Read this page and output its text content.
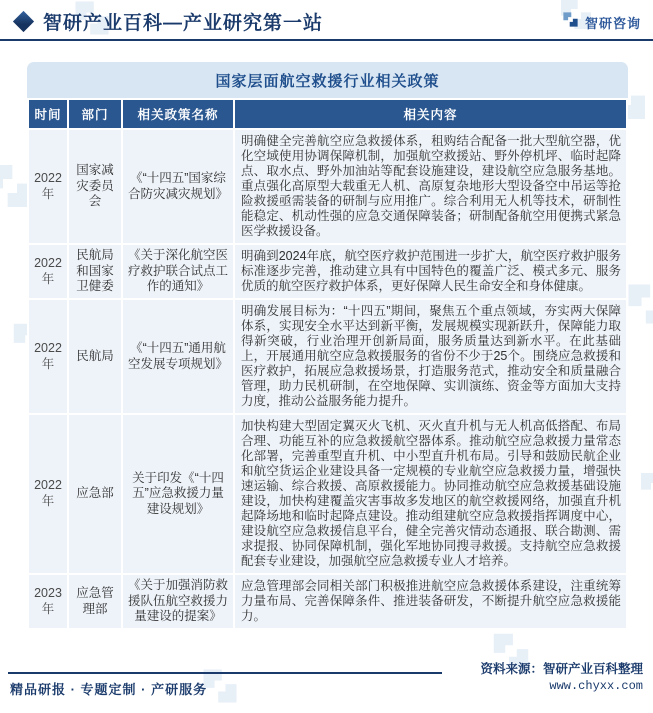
智研产业百科—产业研究第一站	智研咨询
国家层面航空救援行业相关政策
时间	部门	相关政策名称	相关内容
2022年	国家减灾委员会	《“十四五”国家综合防灾减灾规划》	明确健全完善航空应急救援体系，租购结合配备一批大型航空器，优化空域使用协调保障机制，加强航空救援站、野外停机坪、临时起降点、取水点、野外加油站等配套设施建设，建设航空应急服务基地。重点强化高原型大载重无人机、高原复杂地形大型设备空中吊运等抢险救援亟需装备的研制与应用推广。综合利用无人机等技术，研制性能稳定、机动性强的应急交通保障装备；研制配备航空用便携式紧急医学救援设备。
2022年	民航局和国家卫健委	《关于深化航空医疗救护联合试点工作的通知》	明确到2024年底，航空医疗救护范围进一步扩大，航空医疗救护服务标准逐步完善，推动建立具有中国特色的覆盖广泛、模式多元、服务优质的航空医疗救护体系，更好保障人民生命安全和身体健康。
2022年	民航局	《“十四五”通用航空发展专项规划》	明确发展目标为：“十四五”期间，聚焦五个重点领域，夯实两大保障体系，实现安全水平达到新平衡，发展规模实现新跃升，保障能力取得新突破，行业治理开创新局面，服务质量达到新水平。在此基础上，开展通用航空应急救援服务的省份不少于25个。围绕应急救援和医疗救护，拓展应急救援场景，打造服务范式，推动安全和质量融合管理，助力民机研制，在空地保障、实训演练、资金等方面加大支持力度，推动公益服务能力提升。
2022年	应急部	关于印发《“十四五”应急救援力量建设规划》	加快构建大型固定翼灭火飞机、灭火直升机与无人机高低搭配、布局合理、功能互补的应急救援航空器体系。推动航空应急救援力量常态化部署，完善重型直升机、中小型直升机布局。引导和鼓励民航企业和航空货运企业建设具备一定规模的专业航空应急救援力量，增强快速运输、综合救援、高原救援能力。协同推动航空应急救援基础设施建设，加快构建覆盖灾害事故多发地区的航空救援网络，加强直升机起降场地和临时起降点建设。推动组建航空应急救援指挥调度中心，建设航空应急救援信息平台，健全完善灾情动态通报、联合勘测、需求提报、协同保障机制，强化军地协同搜寻救援。支持航空应急救援配套专业建设，加强航空应急救援专业人才培养。
2023年	应急管理部	《关于加强消防救援队伍航空救援力量建设的提案》	应急管理部会同相关部门积极推进航空应急救援体系建设，注重统筹力量布局、完善保障条件、推进装备研发，不断提升航空应急救援能力。
精品研报 · 专题定制 · 产研服务
资料来源：智研产业百科整理
www.chyxx.com
